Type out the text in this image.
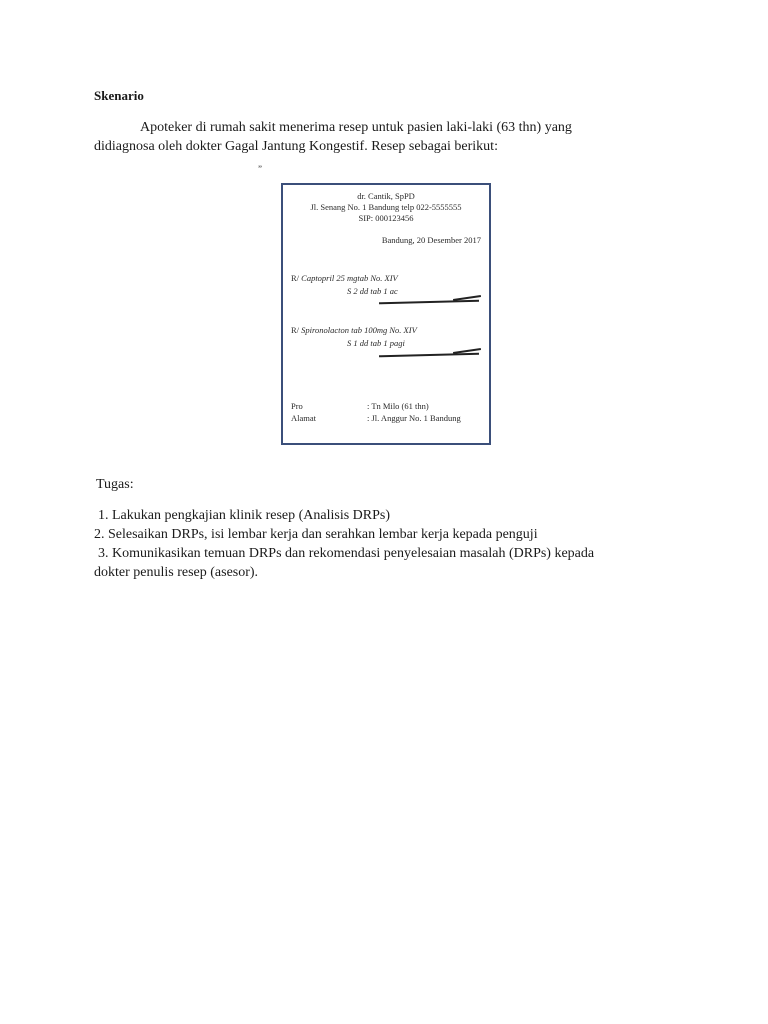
Skenario
Apoteker di rumah sakit menerima resep untuk pasien laki-laki (63 thn) yang
didiagnosa oleh dokter Gagal Jantung Kongestif. Resep sebagai berikut:
”
dr. Cantik, SpPD
Jl. Senang No. 1 Bandung telp 022-5555555
SIP: 000123456
Bandung, 20 Desember 2017
R/ Captopril 25 mgtab No. XIV
S 2 dd tab 1 ac
R/ Spironolacton tab 100mg No. XIV
S 1 dd tab 1 pagi
Pro	: Tn Milo (61 thn)
Alamat	: Jl. Anggur No. 1 Bandung
Tugas:
1. Lakukan pengkajian klinik resep (Analisis DRPs)
2. Selesaikan DRPs, isi lembar kerja dan serahkan lembar kerja kepada penguji
3. Komunikasikan temuan DRPs dan rekomendasi penyelesaian masalah (DRPs) kepada
dokter penulis resep (asesor).
